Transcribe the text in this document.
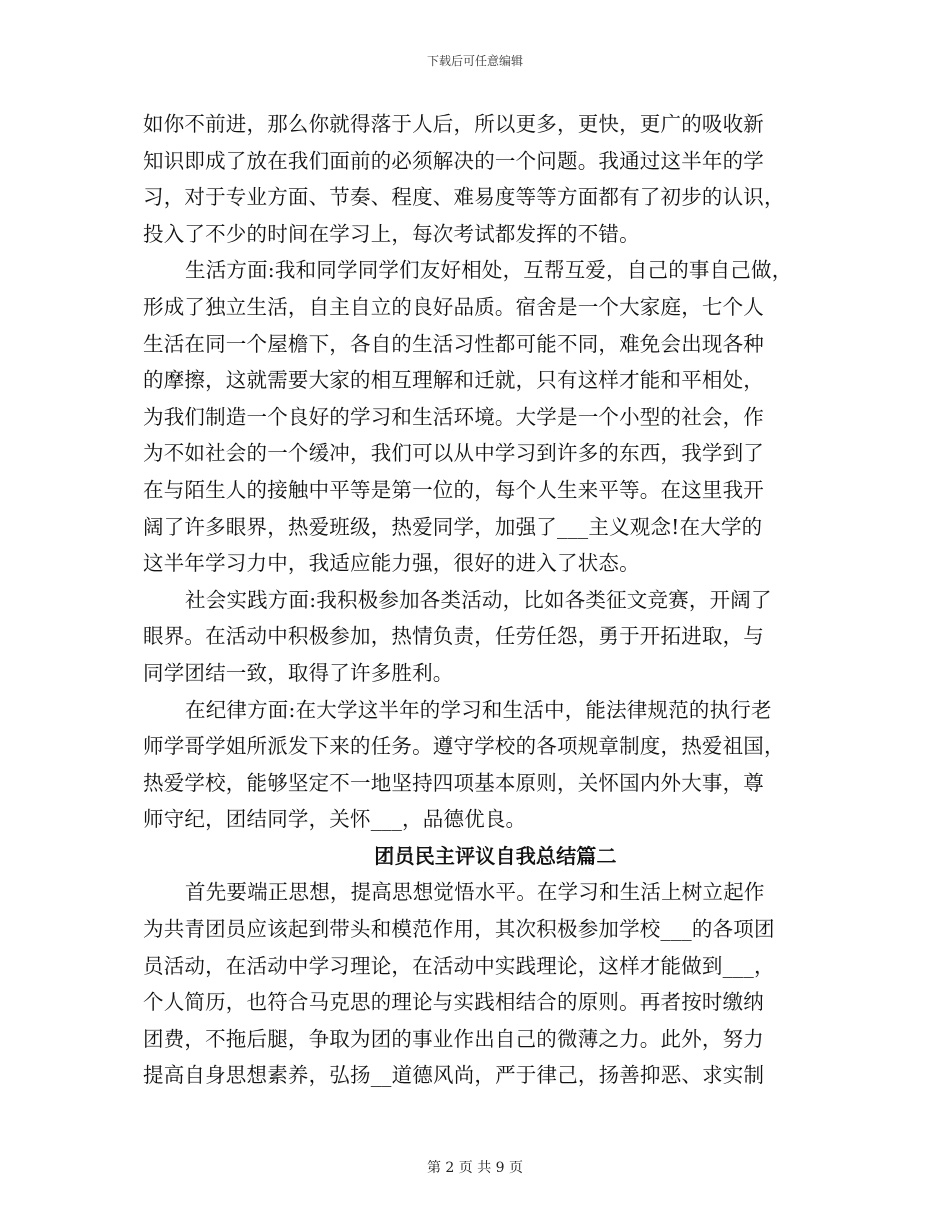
下载后可任意编辑
如你不前进，那么你就得落于人后，所以更多，更快，更广的吸收新
知识即成了放在我们面前的必须解决的一个问题。我通过这半年的学
习，对于专业方面、节奏、程度、难易度等等方面都有了初步的认识，
投入了不少的时间在学习上，每次考试都发挥的不错。
生活方面:我和同学同学们友好相处，互帮互爱，自己的事自己做，
形成了独立生活，自主自立的良好品质。宿舍是一个大家庭，七个人
生活在同一个屋檐下，各自的生活习性都可能不同，难免会出现各种
的摩擦，这就需要大家的相互理解和迁就，只有这样才能和平相处，
为我们制造一个良好的学习和生活环境。大学是一个小型的社会，作
为不如社会的一个缓冲，我们可以从中学习到许多的东西，我学到了
在与陌生人的接触中平等是第一位的，每个人生来平等。在这里我开
阔了许多眼界，热爱班级，热爱同学，加强了___主义观念!在大学的
这半年学习力中，我适应能力强，很好的进入了状态。
社会实践方面:我积极参加各类活动，比如各类征文竞赛，开阔了
眼界。在活动中积极参加，热情负责，任劳任怨，勇于开拓进取，与
同学团结一致，取得了许多胜利。
在纪律方面:在大学这半年的学习和生活中，能法律规范的执行老
师学哥学姐所派发下来的任务。遵守学校的各项规章制度，热爱祖国，
热爱学校，能够坚定不一地坚持四项基本原则，关怀国内外大事，尊
师守纪，团结同学，关怀___，品德优良。
团员民主评议自我总结篇二
首先要端正思想，提高思想觉悟水平。在学习和生活上树立起作
为共青团员应该起到带头和模范作用，其次积极参加学校___的各项团
员活动，在活动中学习理论，在活动中实践理论，这样才能做到___，
个人简历，也符合马克思的理论与实践相结合的原则。再者按时缴纳
团费，不拖后腿，争取为团的事业作出自己的微薄之力。此外，努力
提高自身思想素养，弘扬__道德风尚，严于律己，扬善抑恶、求实制
第 2 页 共 9 页
